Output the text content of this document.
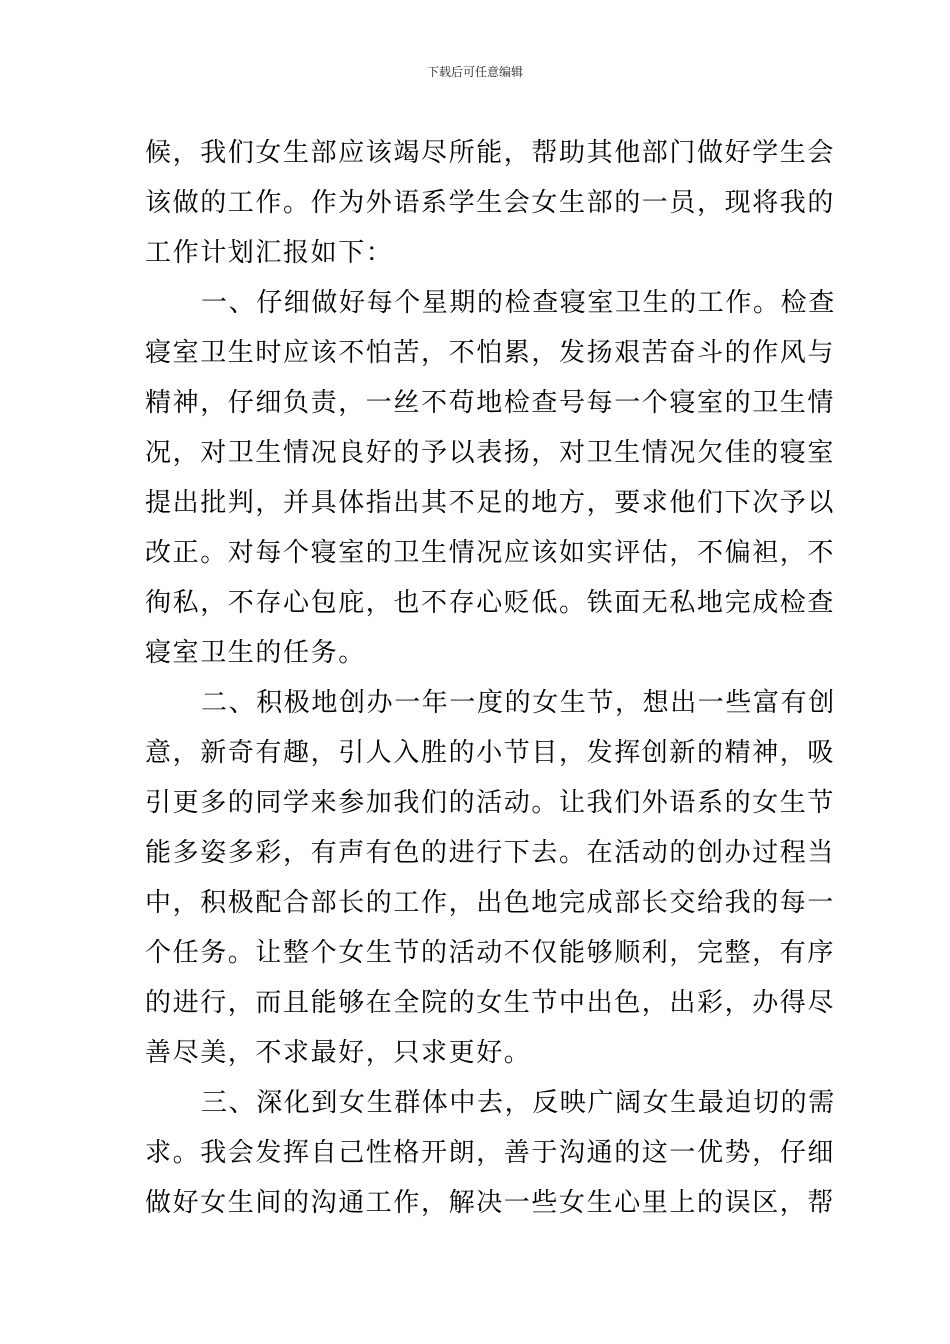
下载后可任意编辑
候，我们女生部应该竭尽所能，帮助其他部门做好学生会
该做的工作。作为外语系学生会女生部的一员，现将我的
工作计划汇报如下：
一、仔细做好每个星期的检查寝室卫生的工作。检查
寝室卫生时应该不怕苦，不怕累，发扬艰苦奋斗的作风与
精神，仔细负责，一丝不苟地检查号每一个寝室的卫生情
况，对卫生情况良好的予以表扬，对卫生情况欠佳的寝室
提出批判，并具体指出其不足的地方，要求他们下次予以
改正。对每个寝室的卫生情况应该如实评估，不偏袒，不
徇私，不存心包庇，也不存心贬低。铁面无私地完成检查
寝室卫生的任务。
二、积极地创办一年一度的女生节，想出一些富有创
意，新奇有趣，引人入胜的小节目，发挥创新的精神，吸
引更多的同学来参加我们的活动。让我们外语系的女生节
能多姿多彩，有声有色的进行下去。在活动的创办过程当
中，积极配合部长的工作，出色地完成部长交给我的每一
个任务。让整个女生节的活动不仅能够顺利，完整，有序
的进行，而且能够在全院的女生节中出色，出彩，办得尽
善尽美，不求最好，只求更好。
三、深化到女生群体中去，反映广阔女生最迫切的需
求。我会发挥自己性格开朗，善于沟通的这一优势，仔细
做好女生间的沟通工作，解决一些女生心里上的误区，帮
